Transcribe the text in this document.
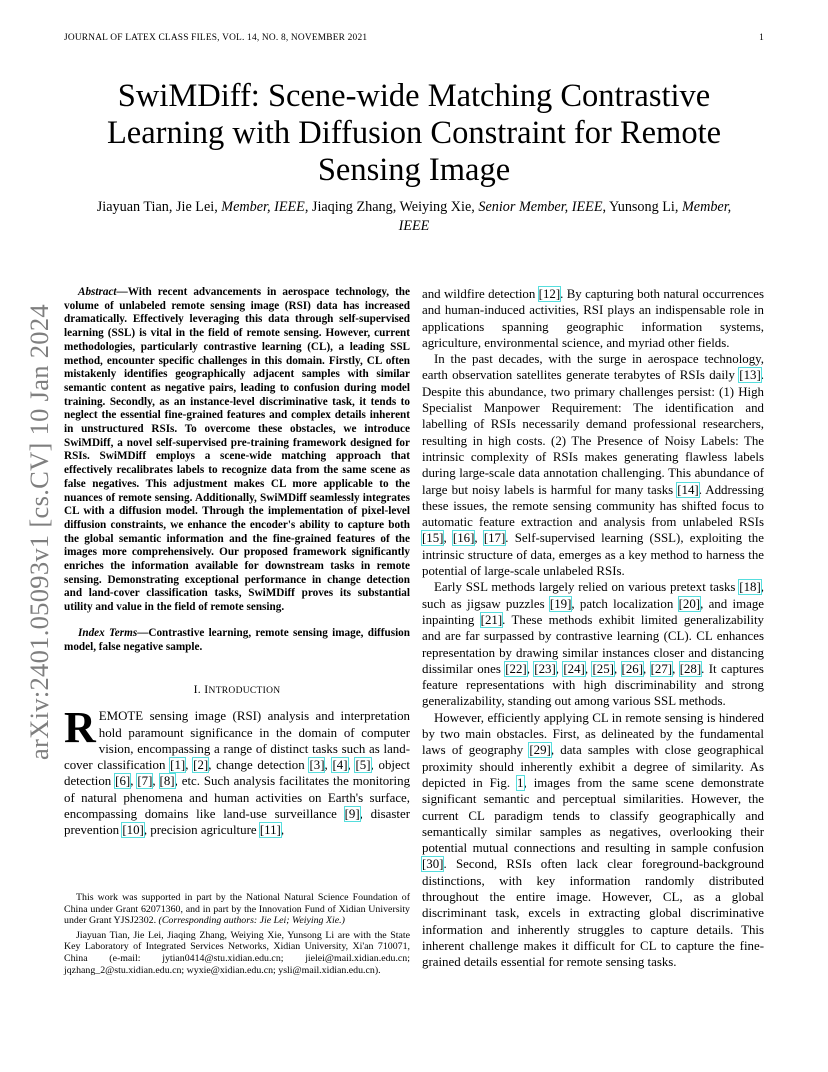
JOURNAL OF LATEX CLASS FILES, VOL. 14, NO. 8, NOVEMBER 2021	1
SwiMDiff: Scene-wide Matching Contrastive Learning with Diffusion Constraint for Remote Sensing Image
Jiayuan Tian, Jie Lei, Member, IEEE, Jiaqing Zhang, Weiying Xie, Senior Member, IEEE, Yunsong Li, Member, IEEE
arXiv:2401.05093v1 [cs.CV] 10 Jan 2024

Abstract—With recent advancements in aerospace technology, the volume of unlabeled remote sensing image (RSI) data has increased dramatically. Effectively leveraging this data through self-supervised learning (SSL) is vital in the field of remote sensing. However, current methodologies, particularly contrastive learning (CL), a leading SSL method, encounter specific challenges in this domain. Firstly, CL often mistakenly identifies geographically adjacent samples with similar semantic content as negative pairs, leading to confusion during model training. Secondly, as an instance-level discriminative task, it tends to neglect the essential fine-grained features and complex details inherent in unstructured RSIs. To overcome these obstacles, we introduce SwiMDiff, a novel self-supervised pre-training framework designed for RSIs. SwiMDiff employs a scene-wide matching approach that effectively recalibrates labels to recognize data from the same scene as false negatives. This adjustment makes CL more applicable to the nuances of remote sensing. Additionally, SwiMDiff seamlessly integrates CL with a diffusion model. Through the implementation of pixel-level diffusion constraints, we enhance the encoder's ability to capture both the global semantic information and the fine-grained features of the images more comprehensively. Our proposed framework significantly enriches the information available for downstream tasks in remote sensing. Demonstrating exceptional performance in change detection and land-cover classification tasks, SwiMDiff proves its substantial utility and value in the field of remote sensing.

Index Terms—Contrastive learning, remote sensing image, diffusion model, false negative sample.

I. INTRODUCTION

REMOTE sensing image (RSI) analysis and interpretation hold paramount significance in the domain of computer vision, encompassing a range of distinct tasks such as land-cover classification [1], [2], change detection [3], [4], [5], object detection [6], [7], [8], etc. Such analysis facilitates the monitoring of natural phenomena and human activities on Earth's surface, encompassing domains like land-use surveillance [9], disaster prevention [10], precision agriculture [11],

This work was supported in part by the National Natural Science Foundation of China under Grant 62071360, and in part by the Innovation Fund of Xidian University under Grant YJSJ2302. (Corresponding authors: Jie Lei; Weiying Xie.)

Jiayuan Tian, Jie Lei, Jiaqing Zhang, Weiying Xie, Yunsong Li are with the State Key Laboratory of Integrated Services Networks, Xidian University, Xi'an 710071, China (e-mail: jytian0414@stu.xidian.edu.cn; jielei@mail.xidian.edu.cn; jqzhang_2@stu.xidian.edu.cn; wyxie@xidian.edu.cn; ysli@mail.xidian.edu.cn).

and wildfire detection [12]. By capturing both natural occurrences and human-induced activities, RSI plays an indispensable role in applications spanning geographic information systems, agriculture, environmental science, and myriad other fields.

In the past decades, with the surge in aerospace technology, earth observation satellites generate terabytes of RSIs daily [13]. Despite this abundance, two primary challenges persist: (1) High Specialist Manpower Requirement: The identification and labelling of RSIs necessarily demand professional researchers, resulting in high costs. (2) The Presence of Noisy Labels: The intrinsic complexity of RSIs makes generating flawless labels during large-scale data annotation challenging. This abundance of large but noisy labels is harmful for many tasks [14]. Addressing these issues, the remote sensing community has shifted focus to automatic feature extraction and analysis from unlabeled RSIs [15], [16], [17]. Self-supervised learning (SSL), exploiting the intrinsic structure of data, emerges as a key method to harness the potential of large-scale unlabeled RSIs.

Early SSL methods largely relied on various pretext tasks [18], such as jigsaw puzzles [19], patch localization [20], and image inpainting [21]. These methods exhibit limited generalizability and are far surpassed by contrastive learning (CL). CL enhances representation by drawing similar instances closer and distancing dissimilar ones [22], [23], [24], [25], [26], [27], [28]. It captures feature representations with high discriminability and strong generalizability, standing out among various SSL methods.

However, efficiently applying CL in remote sensing is hindered by two main obstacles. First, as delineated by the fundamental laws of geography [29], data samples with close geographical proximity should inherently exhibit a degree of similarity. As depicted in Fig. 1, images from the same scene demonstrate significant semantic and perceptual similarities. However, the current CL paradigm tends to classify geographically and semantically similar samples as negatives, overlooking their potential mutual connections and resulting in sample confusion [30]. Second, RSIs often lack clear foreground-background distinctions, with key information randomly distributed throughout the entire image. However, CL, as a global discriminant task, excels in extracting global discriminative information and inherently struggles to capture details. This inherent challenge makes it difficult for CL to capture the fine-grained details essential for remote sensing tasks.
